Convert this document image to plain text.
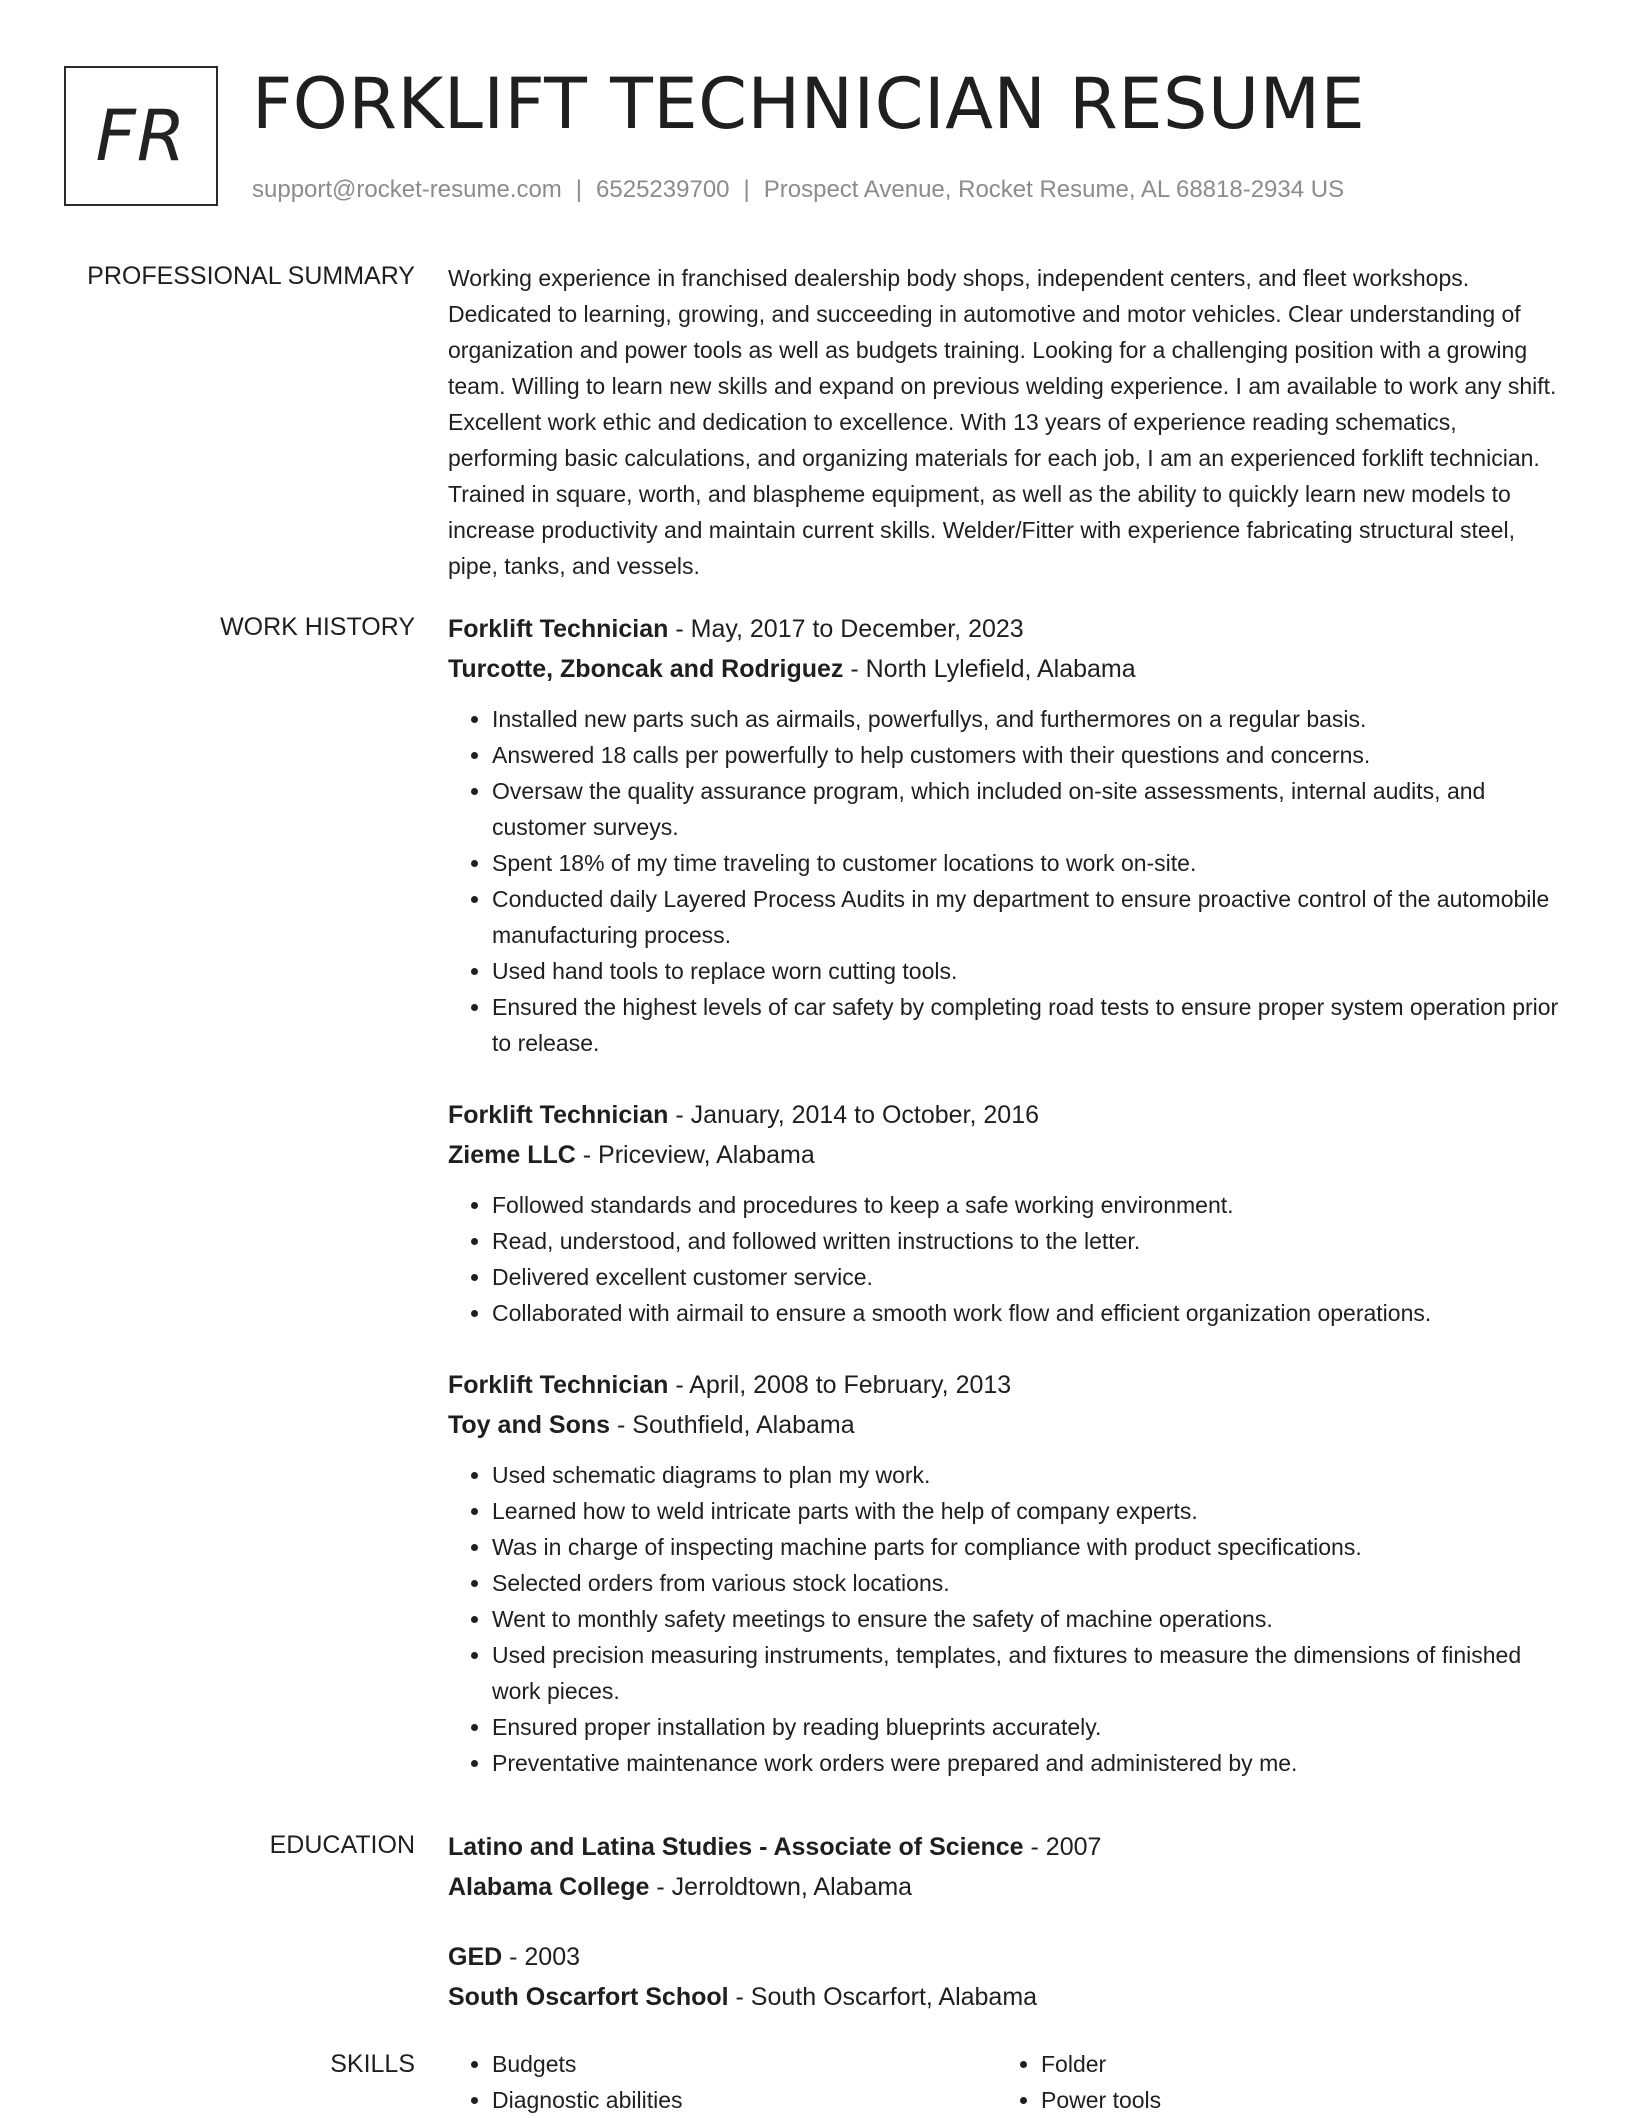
FR FORKLIFT TECHNICIAN RESUME
support@rocket-resume.com | 6525239700 | Prospect Avenue, Rocket Resume, AL 68818-2934 US
PROFESSIONAL SUMMARY Working experience in franchised dealership body shops, independent centers, and fleet workshops. Dedicated to learning, growing, and succeeding in automotive and motor vehicles. Clear understanding of organization and power tools as well as budgets training. Looking for a challenging position with a growing team. Willing to learn new skills and expand on previous welding experience. I am available to work any shift. Excellent work ethic and dedication to excellence. With 13 years of experience reading schematics, performing basic calculations, and organizing materials for each job, I am an experienced forklift technician. Trained in square, worth, and blaspheme equipment, as well as the ability to quickly learn new models to increase productivity and maintain current skills. Welder/Fitter with experience fabricating structural steel, pipe, tanks, and vessels.

WORK HISTORY Forklift Technician - May, 2017 to December, 2023

Turcotte, Zboncak and Rodriguez - North Lylefield, Alabama

• Installed new parts such as airmails, powerfullys, and furthermores on a regular basis.
• Answered 18 calls per powerfully to help customers with their questions and concerns.
• Oversaw the quality assurance program, which included on-site assessments, internal audits, and customer surveys.
• Spent 18% of my time traveling to customer locations to work on-site.
• Conducted daily Layered Process Audits in my department to ensure proactive control of the automobile manufacturing process.
• Used hand tools to replace worn cutting tools.
• Ensured the highest levels of car safety by completing road tests to ensure proper system operation prior to release.

Forklift Technician - January, 2014 to October, 2016

Zieme LLC - Priceview, Alabama

• Followed standards and procedures to keep a safe working environment.
• Read, understood, and followed written instructions to the letter.
• Delivered excellent customer service.
• Collaborated with airmail to ensure a smooth work flow and efficient organization operations.

Forklift Technician - April, 2008 to February, 2013

Toy and Sons - Southfield, Alabama

• Used schematic diagrams to plan my work.
• Learned how to weld intricate parts with the help of company experts.
• Was in charge of inspecting machine parts for compliance with product specifications.
• Selected orders from various stock locations.
• Went to monthly safety meetings to ensure the safety of machine operations.
• Used precision measuring instruments, templates, and fixtures to measure the dimensions of finished work pieces.
• Ensured proper installation by reading blueprints accurately.
• Preventative maintenance work orders were prepared and administered by me.
EDUCATION Latino and Latina Studies - Associate of Science - 2007

Alabama College - Jerroldtown, Alabama

GED - 2003

South Oscarfort School - South Oscarfort, Alabama

SKILLS
•	Budgets
• Diagnostic abilities
• Folder
• Power tools
